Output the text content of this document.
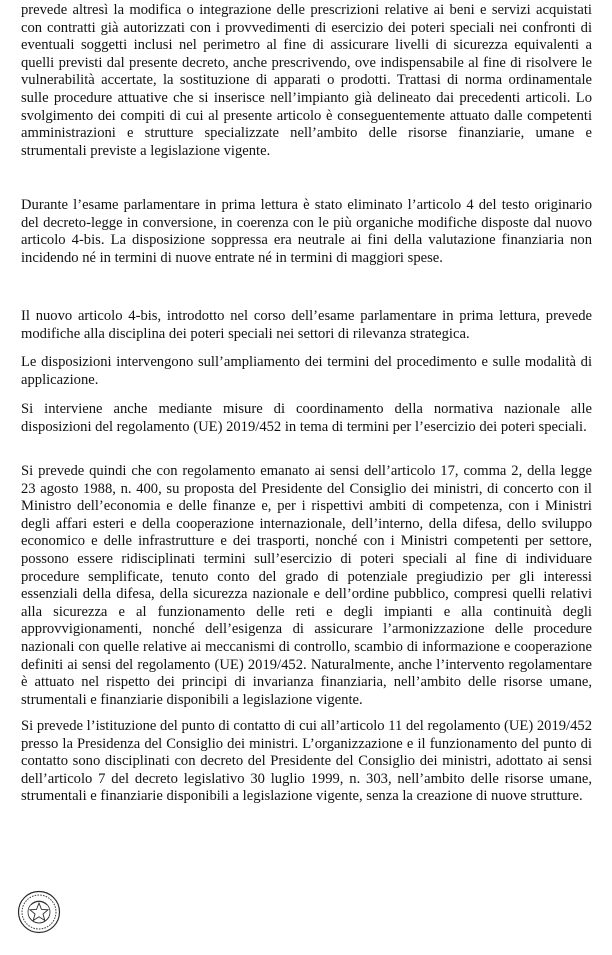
prevede altresì la modifica o integrazione delle prescrizioni relative ai beni e servizi acquistati con contratti già autorizzati con i provvedimenti di esercizio dei poteri speciali nei confronti di eventuali soggetti inclusi nel perimetro al fine di assicurare livelli di sicurezza equivalenti a quelli previsti dal presente decreto, anche prescrivendo, ove indispensabile al fine di risolvere le vulnerabilità accertate, la sostituzione di apparati o prodotti. Trattasi di norma ordinamentale sulle procedure attuative che si inserisce nell’impianto già delineato dai precedenti articoli. Lo svolgimento dei compiti di cui al presente articolo è conseguentemente attuato dalle competenti amministrazioni e strutture specializzate nell’ambito delle risorse finanziarie, umane e strumentali previste a legislazione vigente.

Durante l’esame parlamentare in prima lettura è stato eliminato l’articolo 4 del testo originario del decreto-legge in conversione, in coerenza con le più organiche modifiche disposte dal nuovo articolo 4-bis. La disposizione soppressa era neutrale ai fini della valutazione finanziaria non incidendo né in termini di nuove entrate né in termini di maggiori spese.

Il nuovo articolo 4-bis, introdotto nel corso dell’esame parlamentare in prima lettura, prevede modifiche alla disciplina dei poteri speciali nei settori di rilevanza strategica.

Le disposizioni intervengono sull’ampliamento dei termini del procedimento e sulle modalità di applicazione.

Si interviene anche mediante misure di coordinamento della normativa nazionale alle disposizioni del regolamento (UE) 2019/452 in tema di termini per l’esercizio dei poteri speciali.

Si prevede quindi che con regolamento emanato ai sensi dell’articolo 17, comma 2, della legge 23 agosto 1988, n. 400, su proposta del Presidente del Consiglio dei ministri, di concerto con il Ministro dell’economia e delle finanze e, per i rispettivi ambiti di competenza, con i Ministri degli affari esteri e della cooperazione internazionale, dell’interno, della difesa, dello sviluppo economico e delle infrastrutture e dei trasporti, nonché con i Ministri competenti per settore, possono essere ridisciplinati termini sull’esercizio di poteri speciali al fine di individuare procedure semplificate, tenuto conto del grado di potenziale pregiudizio per gli interessi essenziali della difesa, della sicurezza nazionale e dell’ordine pubblico, compresi quelli relativi alla sicurezza e al funzionamento delle reti e degli impianti e alla continuità degli approvvigionamenti, nonché dell’esigenza di assicurare l’armonizzazione delle procedure nazionali con quelle relative ai meccanismi di controllo, scambio di informazione e cooperazione definiti ai sensi del regolamento (UE) 2019/452. Naturalmente, anche l’intervento regolamentare è attuato nel rispetto dei principi di invarianza finanziaria, nell’ambito delle risorse umane, strumentali e finanziarie disponibili a legislazione vigente.

Si prevede l’istituzione del punto di contatto di cui all’articolo 11 del regolamento (UE) 2019/452 presso la Presidenza del Consiglio dei ministri. L’organizzazione e il funzionamento del punto di contatto sono disciplinati con decreto del Presidente del Consiglio dei ministri, adottato ai sensi dell’articolo 7 del decreto legislativo 30 luglio 1999, n. 303, nell’ambito delle risorse umane, strumentali e finanziarie disponibili a legislazione vigente, senza la creazione di nuove strutture.
